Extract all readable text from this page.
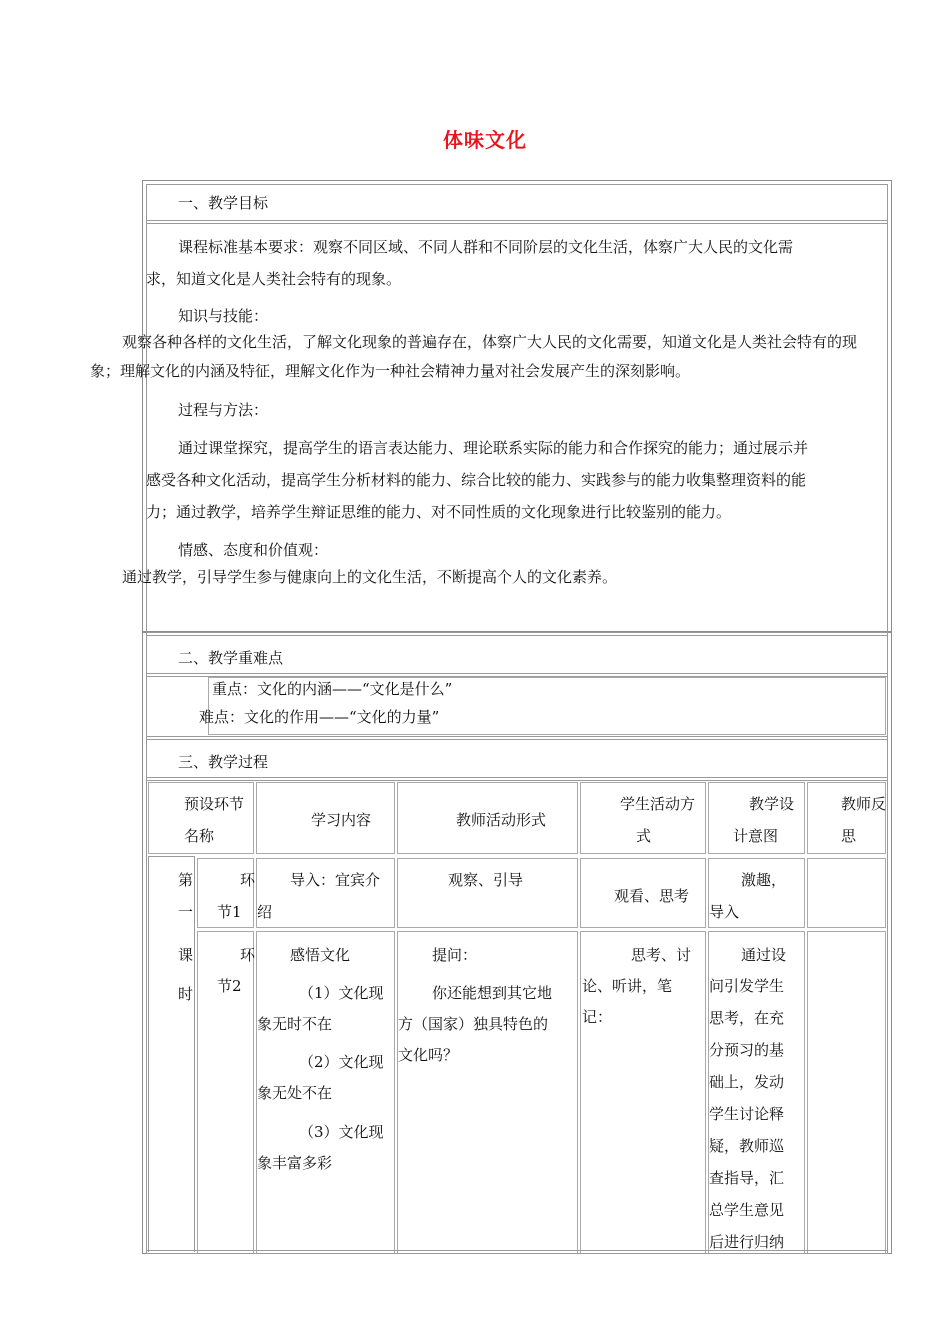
体味文化
一、教学目标
课程标准基本要求：观察不同区域、不同人群和不同阶层的文化生活，体察广大人民的文化需
求，知道文化是人类社会特有的现象。
知识与技能：
观察各种各样的文化生活，了解文化现象的普遍存在，体察广大人民的文化需要，知道文化是人类社会特有的现
象；理解文化的内涵及特征，理解文化作为一种社会精神力量对社会发展产生的深刻影响。
过程与方法：
通过课堂探究，提高学生的语言表达能力、理论联系实际的能力和合作探究的能力；通过展示并
感受各种文化活动，提高学生分析材料的能力、综合比较的能力、实践参与的能力收集整理资料的能
力；通过教学，培养学生辩证思维的能力、对不同性质的文化现象进行比较鉴别的能力。
情感、态度和价值观：
通过教学，引导学生参与健康向上的文化生活，不断提高个人的文化素养。
二、教学重难点
重点：文化的内涵——“文化是什么”
难点：文化的作用——“文化的力量”
三、教学过程
预设环节
名称
学习内容	教师活动形式
学生活动方
式
教学设
计意图
教师反
思
第
一
课
时
环
节1
导入：宜宾介
绍
观察、引导
观看、思考
激趣，
导入
环
节2
感悟文化
（1）文化现
象无时不在
（2）文化现
象无处不在
（3）文化现
象丰富多彩
提问：
你还能想到其它地
方（国家）独具特色的
文化吗？
思考、讨
论、听讲，笔
记：
通过设
问引发学生
思考，在充
分预习的基
础上，发动
学生讨论释
疑，教师巡
查指导，汇
总学生意见
后进行归纳
